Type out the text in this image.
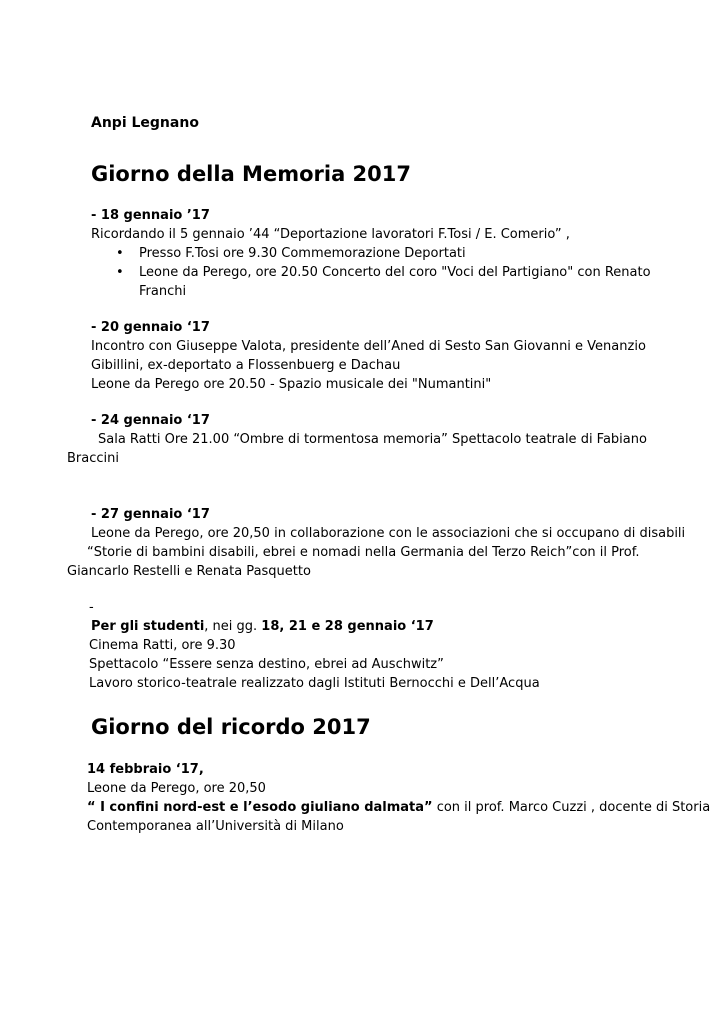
Anpi Legnano
Giorno della Memoria 2017
- 18 gennaio ’17
Ricordando il 5 gennaio ’44 “Deportazione lavoratori F.Tosi / E. Comerio” ,
• Presso F.Tosi ore 9.30 Commemorazione Deportati
• Leone da Perego, ore 20.50 Concerto del coro "Voci del Partigiano" con Renato
Franchi
- 20 gennaio ‘17
Incontro con Giuseppe Valota, presidente dell’Aned di Sesto San Giovanni e Venanzio
Gibillini, ex-deportato a Flossenbuerg e Dachau
Leone da Perego ore 20.50 - Spazio musicale dei "Numantini"
- 24 gennaio ‘17
Sala Ratti Ore 21.00 “Ombre di tormentosa memoria” Spettacolo teatrale di Fabiano
Braccini
- 27 gennaio ‘17
Leone da Perego, ore 20,50 in collaborazione con le associazioni che si occupano di disabili
“Storie di bambini disabili, ebrei e nomadi nella Germania del Terzo Reich”con il Prof.
Giancarlo Restelli e Renata Pasquetto
-
Per gli studenti, nei gg. 18, 21 e 28 gennaio ‘17
Cinema Ratti, ore 9.30
Spettacolo “Essere senza destino, ebrei ad Auschwitz”
Lavoro storico-teatrale realizzato dagli Istituti Bernocchi e Dell’Acqua
Giorno del ricordo 2017
14 febbraio ‘17,
Leone da Perego, ore 20,50
“ I confini nord-est e l’esodo giuliano dalmata” con il prof. Marco Cuzzi , docente di Storia
Contemporanea all’Università di Milano
